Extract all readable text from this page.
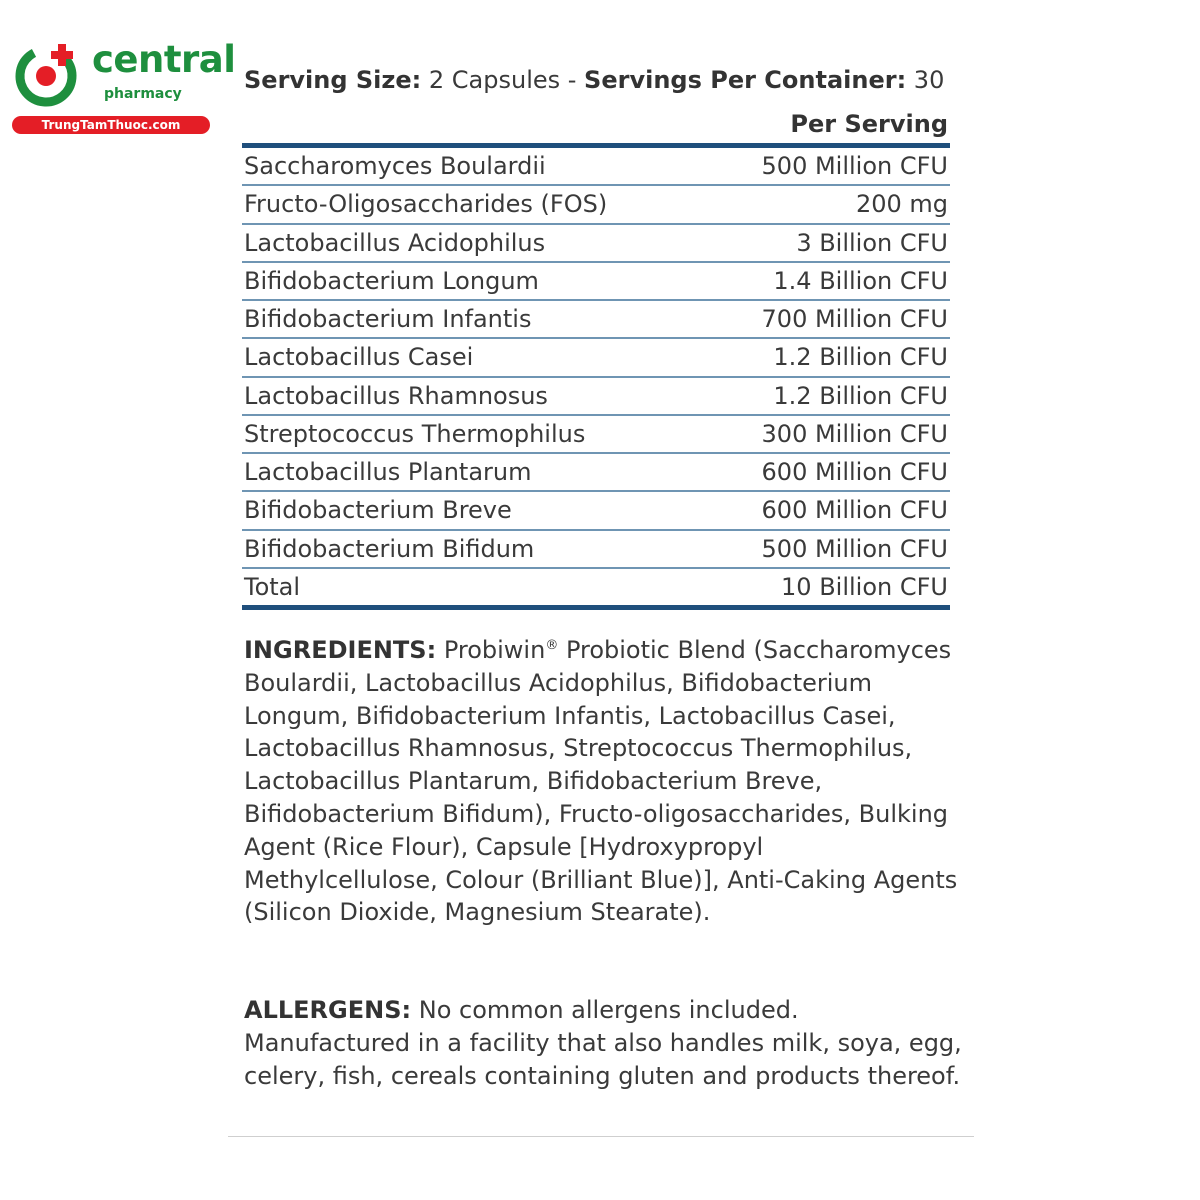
central
pharmacy
TrungTamThuoc.com
Serving Size: 2 Capsules - Servings Per Container: 30
Per Serving
Saccharomyces Boulardii	500 Million CFU
Fructo-Oligosaccharides (FOS)	200 mg
Lactobacillus Acidophilus	3 Billion CFU
Bifidobacterium Longum	1.4 Billion CFU
Bifidobacterium Infantis	700 Million CFU
Lactobacillus Casei	1.2 Billion CFU
Lactobacillus Rhamnosus	1.2 Billion CFU
Streptococcus Thermophilus	300 Million CFU
Lactobacillus Plantarum	600 Million CFU
Bifidobacterium Breve	600 Million CFU
Bifidobacterium Bifidum	500 Million CFU
Total	10 Billion CFU
INGREDIENTS: Probiwin® Probiotic Blend (Saccharomyces Boulardii, Lactobacillus Acidophilus, Bifidobacterium Longum, Bifidobacterium Infantis, Lactobacillus Casei, Lactobacillus Rhamnosus, Streptococcus Thermophilus, Lactobacillus Plantarum, Bifidobacterium Breve, Bifidobacterium Bifidum), Fructo-oligosaccharides, Bulking Agent (Rice Flour), Capsule [Hydroxypropyl Methylcellulose, Colour (Brilliant Blue)], Anti-Caking Agents (Silicon Dioxide, Magnesium Stearate).
ALLERGENS: No common allergens included. Manufactured in a facility that also handles milk, soya, egg, celery, fish, cereals containing gluten and products thereof.
